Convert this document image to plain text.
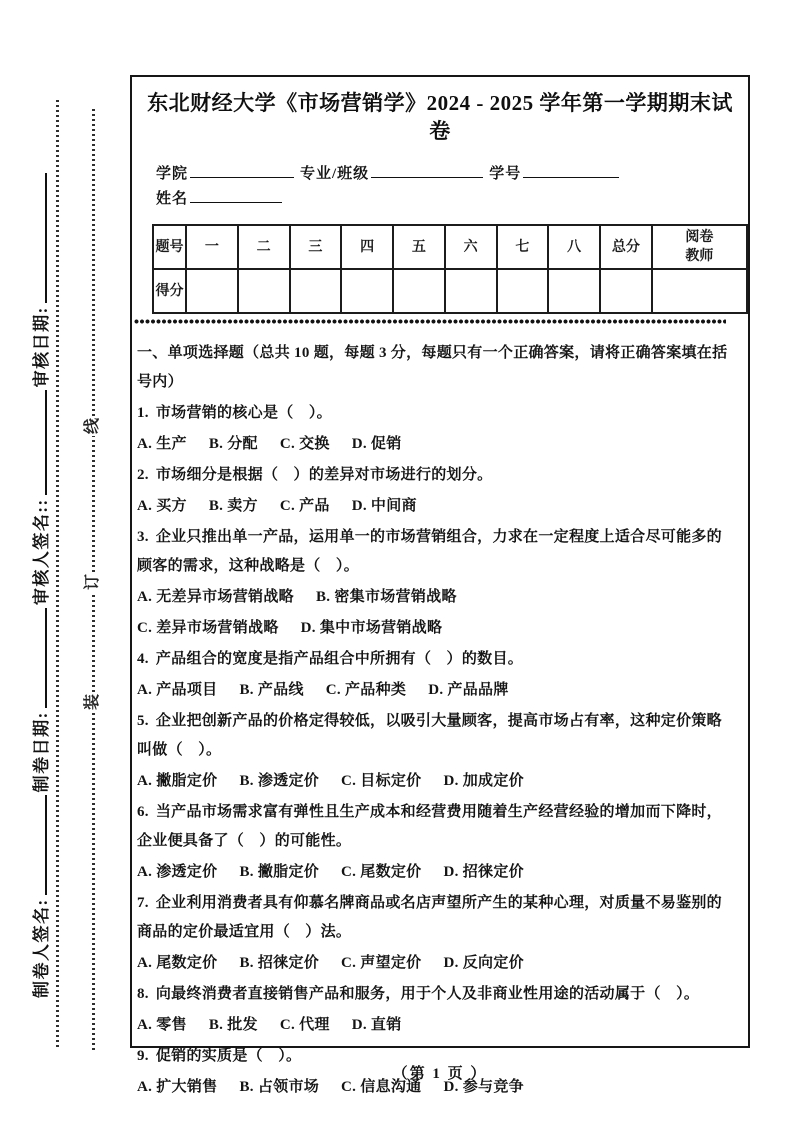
制卷人签名:制卷日期:审核人签名::审核日期:
装订线
东北财经大学《市场营销学》2024 - 2025 学年第一学期期末试卷
学院	专业/班级	学号姓名
题号	一	二	三	四	五	六	七	八	总分	阅卷教师
得分										

一、单项选择题（总共 10 题，每题 3 分，每题只有一个正确答案，请将正确答案填在括号内）

1. 市场营销的核心是（　）。

A. 生产 B. 分配 C. 交换 D. 促销

2. 市场细分是根据（　）的差异对市场进行的划分。

A. 买方 B. 卖方 C. 产品 D. 中间商

3. 企业只推出单一产品，运用单一的市场营销组合，力求在一定程度上适合尽可能多的顾客的需求，这种战略是（　）。

A. 无差异市场营销战略 B. 密集市场营销战略

C. 差异市场营销战略 D. 集中市场营销战略

4. 产品组合的宽度是指产品组合中所拥有（　）的数目。

A. 产品项目 B. 产品线 C. 产品种类 D. 产品品牌

5. 企业把创新产品的价格定得较低，以吸引大量顾客，提高市场占有率，这种定价策略叫做（　）。

A. 撇脂定价 B. 渗透定价 C. 目标定价 D. 加成定价

6. 当产品市场需求富有弹性且生产成本和经营费用随着生产经营经验的增加而下降时，企业便具备了（　）的可能性。

A. 渗透定价 B. 撇脂定价 C. 尾数定价 D. 招徕定价

7. 企业利用消费者具有仰慕名牌商品或名店声望所产生的某种心理，对质量不易鉴别的商品的定价最适宜用（　）法。

A. 尾数定价 B. 招徕定价 C. 声望定价 D. 反向定价

8. 向最终消费者直接销售产品和服务，用于个人及非商业性用途的活动属于（　）。

A. 零售 B. 批发 C. 代理 D. 直销

9. 促销的实质是（　）。

A. 扩大销售 B. 占领市场 C. 信息沟通 D. 参与竞争

（第 1 页 ）
